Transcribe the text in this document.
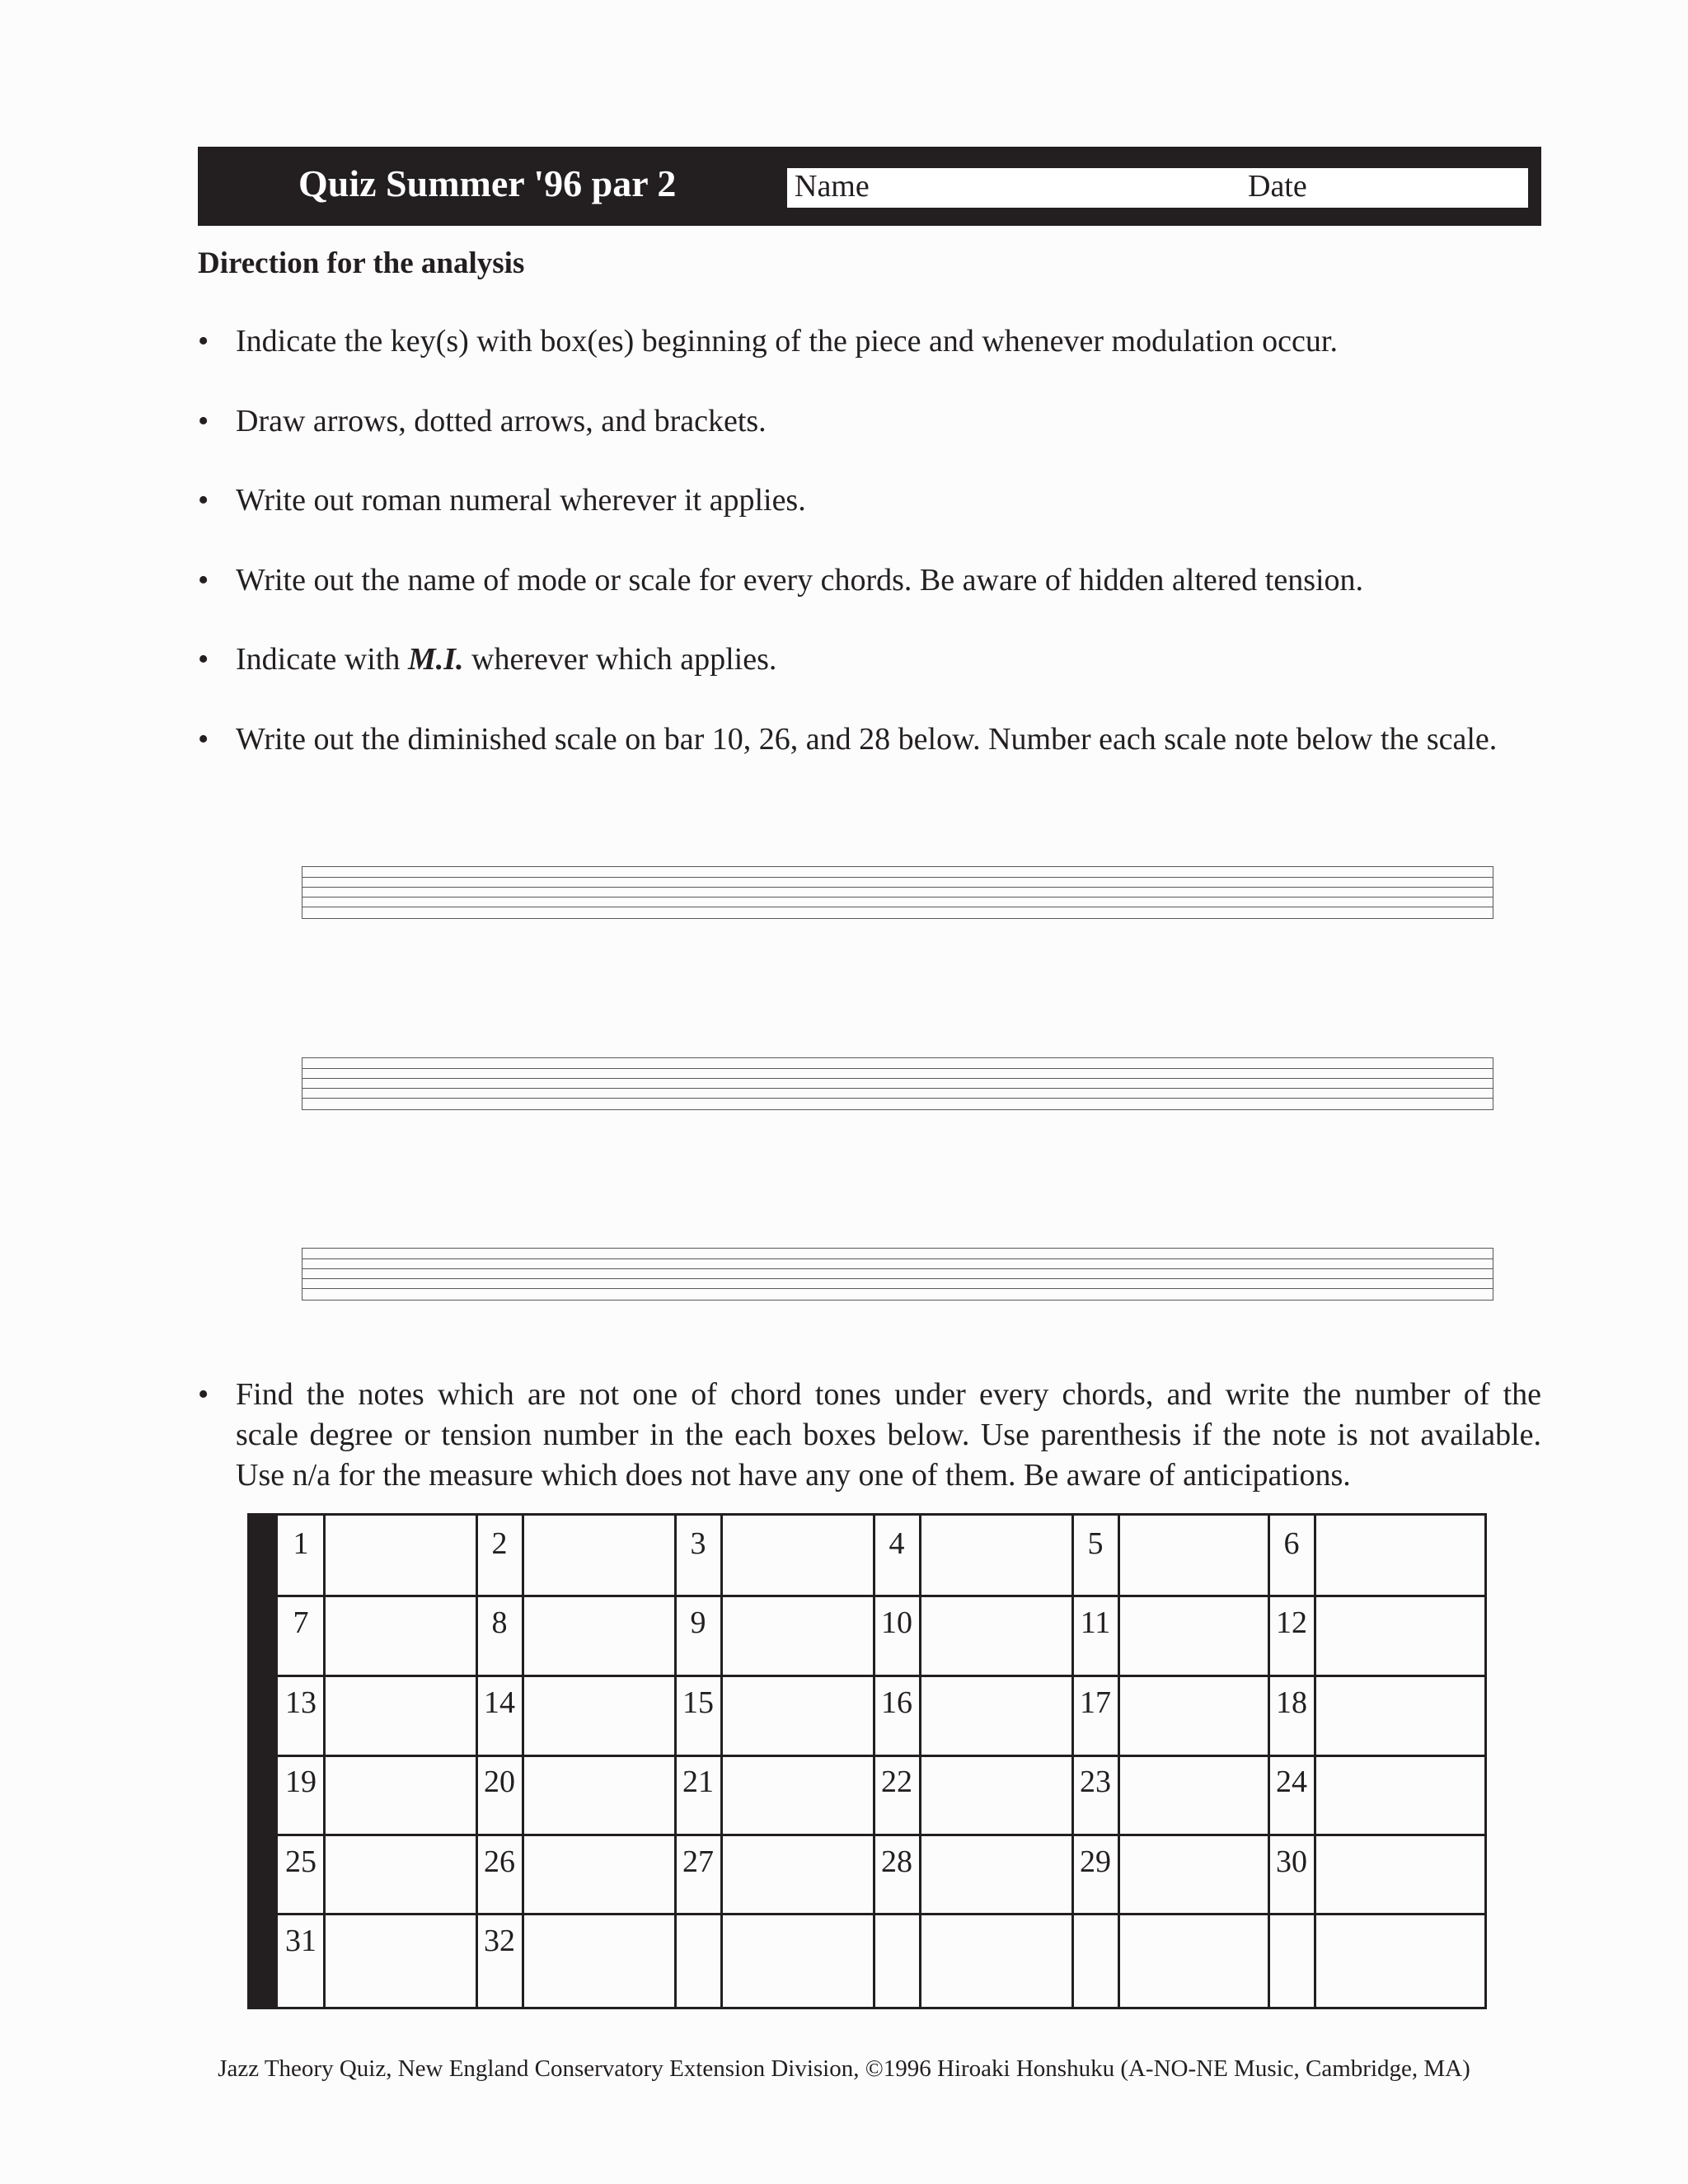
Quiz Summer '96 par 2	Name	Date
Direction for the analysis
• Indicate the key(s) with box(es) beginning of the piece and whenever modulation occur.
• Draw arrows, dotted arrows, and brackets.
• Write out roman numeral wherever it applies.
• Write out the name of mode or scale for every chords. Be aware of hidden altered tension.
• Indicate with M.I. wherever which applies.
• Write out the diminished scale on bar 10, 26, and 28 below. Number each scale note below the scale.
• Find the notes which are not one of chord tones under every chords, and write the number of the
scale degree or tension number in the each boxes below. Use parenthesis if the note is not available.
Use n/a for the measure which does not have any one of them. Be aware of anticipations.
1	2	3	4	5	6
7	8	9	10	11	12
13	14	15	16	17	18
19	20	21	22	23	24
25	26	27	28	29	30
31	32
Jazz Theory Quiz, New England Conservatory Extension Division, ©1996 Hiroaki Honshuku (A-NO-NE Music, Cambridge, MA)
